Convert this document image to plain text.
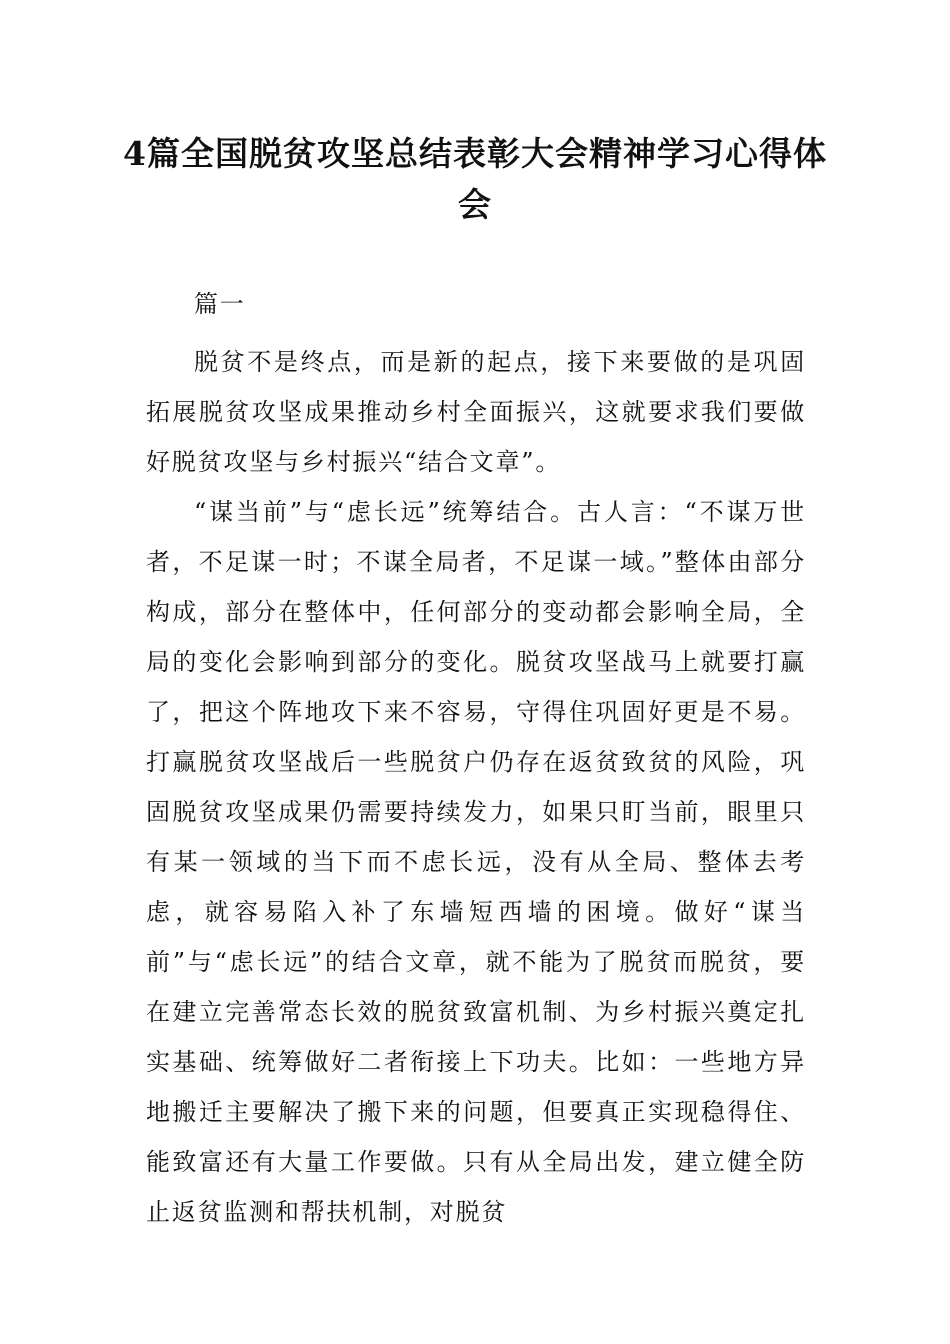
4篇全国脱贫攻坚总结表彰大会精神学习心得体会

篇一

脱贫不是终点，而是新的起点，接下来要做的是巩固拓展脱贫攻坚成果推动乡村全面振兴，这就要求我们要做好脱贫攻坚与乡村振兴“结合文章”。

“谋当前”与“虑长远”统筹结合。古人言：“不谋万世者，不足谋一时；不谋全局者，不足谋一域。”整体由部分构成，部分在整体中，任何部分的变动都会影响全局，全局的变化会影响到部分的变化。脱贫攻坚战马上就要打赢了，把这个阵地攻下来不容易，守得住巩固好更是不易。打赢脱贫攻坚战后一些脱贫户仍存在返贫致贫的风险，巩固脱贫攻坚成果仍需要持续发力，如果只盯当前，眼里只有某一领域的当下而不虑长远，没有从全局、整体去考虑，就容易陷入补了东墙短西墙的困境。做好“谋当前”与“虑长远”的结合文章，就不能为了脱贫而脱贫，要在建立完善常态长效的脱贫致富机制、为乡村振兴奠定扎实基础、统筹做好二者衔接上下功夫。比如：一些地方异地搬迁主要解决了搬下来的问题，但要真正实现稳得住、能致富还有大量工作要做。只有从全局出发，建立健全防止返贫监测和帮扶机制，对脱贫
